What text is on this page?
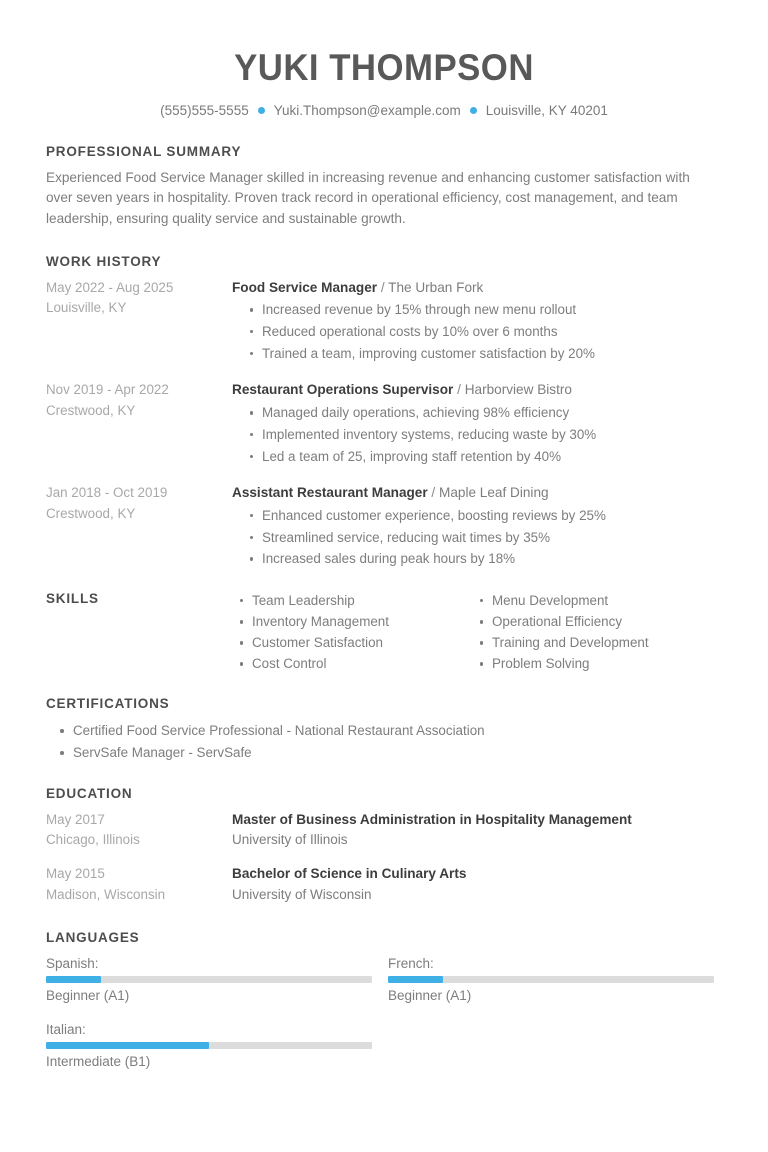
YUKI THOMPSON
(555)555-5555 Yuki.Thompson@example.com Louisville, KY 40201
PROFESSIONAL SUMMARY

Experienced Food Service Manager skilled in increasing revenue and enhancing customer satisfaction with over seven years in hospitality. Proven track record in operational efficiency, cost management, and team leadership, ensuring quality service and sustainable growth.

WORK HISTORY
May 2022 - Aug 2025
Louisville, KY

Food Service Manager / The Urban Fork

Increased revenue by 15% through new menu rollout
Reduced operational costs by 10% over 6 months
Trained a team, improving customer satisfaction by 20%
Nov 2019 - Apr 2022
Crestwood, KY

Restaurant Operations Supervisor / Harborview Bistro

Managed daily operations, achieving 98% efficiency
Implemented inventory systems, reducing waste by 30%
Led a team of 25, improving staff retention by 40%
Jan 2018 - Oct 2019
Crestwood, KY

Assistant Restaurant Manager / Maple Leaf Dining

Enhanced customer experience, boosting reviews by 25%
Streamlined service, reducing wait times by 35%
Increased sales during peak hours by 18%
SKILLS	Team Leadership
Inventory Management
Customer Satisfaction
Cost Control
Menu Development
Operational Efficiency
Training and Development
Problem Solving
CERTIFICATIONS
Certified Food Service Professional - National Restaurant Association
ServSafe Manager - ServSafe
EDUCATION
May 2017
Chicago, Illinois

Master of Business Administration in Hospitality Management

University of Illinois

May 2015
Madison, Wisconsin

Bachelor of Science in Culinary Arts

University of Wisconsin

LANGUAGES

Spanish:

Beginner (A1)

French:

Beginner (A1)

Italian:

Intermediate (B1)
